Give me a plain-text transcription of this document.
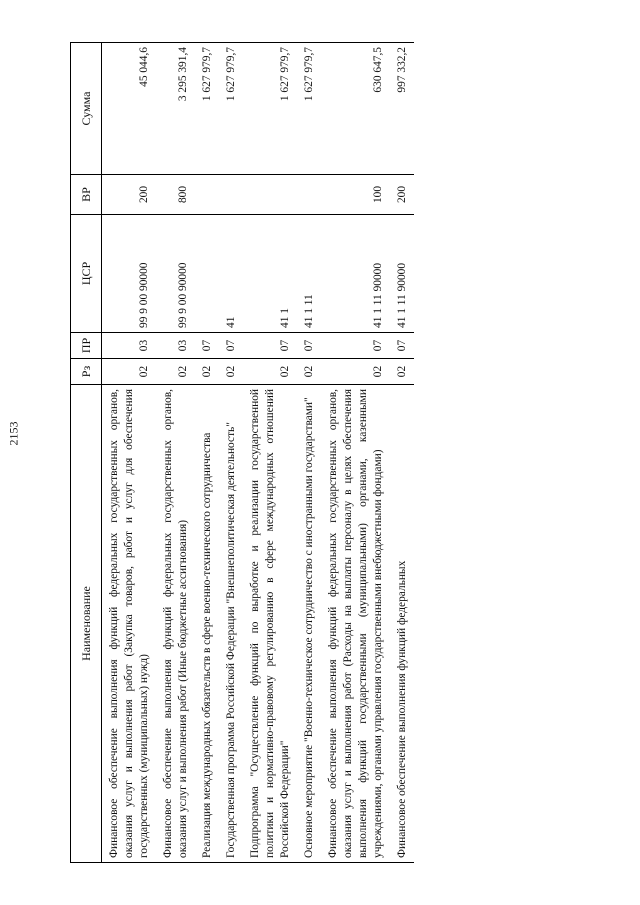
2153
Наименование	Рз	ПР	ЦСР	ВР	Сумма
Финансовое обеспечение выполнения функций федеральных государственных органов, оказания услуг и выполнения работ (Закупка товаров, работ и услуг для обеспечения государственных (муниципальных) нужд)	02	03	99 9 00 90000	200	45 044,6
Финансовое обеспечение выполнения функций федеральных государственных органов, оказания услуг и выполнения работ (Иные бюджетные ассигнования)	02	03	99 9 00 90000	800	3 295 391,4
Реализация международных обязательств в сфере военно-технического сотрудничества	02	07			1 627 979,7
Государственная программа Российской Федерации "Внешнеполитическая деятельность"	02	07	41		1 627 979,7
Подпрограмма "Осуществление функций по выработке и реализации государственной политики и нормативно-правовому регулированию в сфере международных отношений Российской Федерации"	02	07	41 1		1 627 979,7
Основное мероприятие "Военно-техническое сотрудничество с иностранными государствами"	02	07	41 1 11		1 627 979,7
Финансовое обеспечение выполнения функций федеральных государственных органов, оказания услуг и выполнения работ (Расходы на выплаты персоналу в целях обеспечения выполнения функций государственными (муниципальными) органами, казенными учреждениями, органами управления государственными внебюджетными фондами)	02	07	41 1 11 90000	100	630 647,5
Финансовое обеспечение выполнения функций федеральных	02	07	41 1 11 90000	200	997 332,2
